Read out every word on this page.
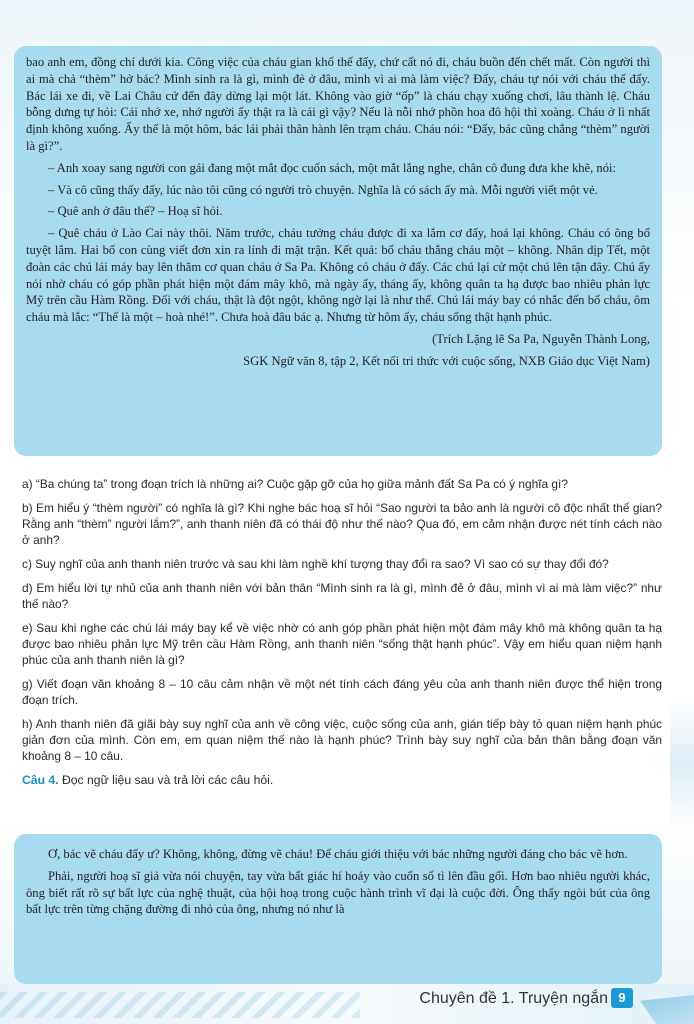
bao anh em, đồng chí dưới kia. Công việc của cháu gian khổ thế đấy, chứ cất nó đi, cháu buồn đến chết mất. Còn người thì ai mà chả “thèm” hở bác? Mình sinh ra là gì, mình đẻ ở đâu, mình vì ai mà làm việc? Đấy, cháu tự nói với cháu thế đấy. Bác lái xe đi, về Lai Châu cứ đến đây dừng lại một lát. Không vào giờ “ốp” là cháu chạy xuống chơi, lâu thành lệ. Cháu bỗng dưng tự hỏi: Cái nhớ xe, nhớ người ấy thật ra là cái gì vậy? Nếu là nỗi nhớ phồn hoa đô hội thì xoàng. Cháu ở lì nhất định không xuống. Ấy thế là một hôm, bác lái phải thân hành lên trạm cháu. Cháu nói: “Đấy, bác cũng chẳng “thèm” người là gì?”.

– Anh xoay sang người con gái đang một mắt đọc cuốn sách, một mắt lắng nghe, chân cô đung đưa khe khẽ, nói:

– Và cô cũng thấy đấy, lúc nào tôi cũng có người trò chuyện. Nghĩa là có sách ấy mà. Mỗi người viết một vẻ.

– Quê anh ở đâu thế? – Hoạ sĩ hỏi.

– Quê cháu ở Lào Cai này thôi. Năm trước, cháu tưởng cháu được đi xa lắm cơ đấy, hoá lại không. Cháu có ông bố tuyệt lắm. Hai bố con cùng viết đơn xin ra lính đi mặt trận. Kết quả: bố cháu thắng cháu một – không. Nhân dịp Tết, một đoàn các chú lái máy bay lên thăm cơ quan cháu ở Sa Pa. Không có cháu ở đấy. Các chú lại cử một chú lên tận đây. Chú ấy nói nhờ cháu có góp phần phát hiện một đám mây khô, mà ngày ấy, tháng ấy, không quân ta hạ được bao nhiêu phản lực Mỹ trên cầu Hàm Rồng. Đối với cháu, thật là đột ngột, không ngờ lại là như thế. Chú lái máy bay có nhắc đến bố cháu, ôm cháu mà lắc: “Thế là một – hoà nhé!”. Chưa hoà đâu bác ạ. Nhưng từ hôm ấy, cháu sống thật hạnh phúc.

(Trích Lặng lẽ Sa Pa, Nguyễn Thành Long,

SGK Ngữ văn 8, tập 2, Kết nối tri thức với cuộc sống, NXB Giáo dục Việt Nam)

a) “Ba chúng ta” trong đoạn trích là những ai? Cuộc gặp gỡ của họ giữa mảnh đất Sa Pa có ý nghĩa gì?

b) Em hiểu ý “thèm người” có nghĩa là gì? Khi nghe bác hoạ sĩ hỏi “Sao người ta bảo anh là người cô độc nhất thế gian? Rằng anh “thèm” người lắm?”, anh thanh niên đã có thái độ như thế nào? Qua đó, em cảm nhận được nét tính cách nào ở anh?

c) Suy nghĩ của anh thanh niên trước và sau khi làm nghề khí tượng thay đổi ra sao? Vì sao có sự thay đổi đó?

d) Em hiểu lời tự nhủ của anh thanh niên với bản thân “Mình sinh ra là gì, mình đẻ ở đâu, mình vì ai mà làm việc?” như thế nào?

e) Sau khi nghe các chú lái máy bay kể về việc nhờ có anh góp phần phát hiện một đám mây khô mà không quân ta hạ được bao nhiêu phản lực Mỹ trên cầu Hàm Rồng, anh thanh niên “sống thật hạnh phúc”. Vậy em hiểu quan niệm hạnh phúc của anh thanh niên là gì?

g) Viết đoạn văn khoảng 8 – 10 câu cảm nhận về một nét tính cách đáng yêu của anh thanh niên được thể hiện trong đoạn trích.

h) Anh thanh niên đã giãi bày suy nghĩ của anh về công việc, cuộc sống của anh, gián tiếp bày tỏ quan niệm hạnh phúc giản đơn của mình. Còn em, em quan niệm thế nào là hạnh phúc? Trình bày suy nghĩ của bản thân bằng đoạn văn khoảng 8 – 10 câu.

Câu 4. Đọc ngữ liệu sau và trả lời các câu hỏi.

Ơ, bác vẽ cháu đấy ư? Không, không, đừng vẽ cháu! Để cháu giới thiệu với bác những người đáng cho bác vẽ hơn.

Phải, người hoạ sĩ giả vừa nói chuyện, tay vừa bất giác hí hoáy vào cuốn sổ tì lên đầu gối. Hơn bao nhiêu người khác, ông biết rất rõ sự bất lực của nghệ thuật, của hội hoạ trong cuộc hành trình vĩ đại là cuộc đời. Ông thấy ngòi bút của ông bất lực trên từng chặng đường đi nhỏ của ông, nhưng nó như là

Chuyên đề 1. Truyện ngắn 9
